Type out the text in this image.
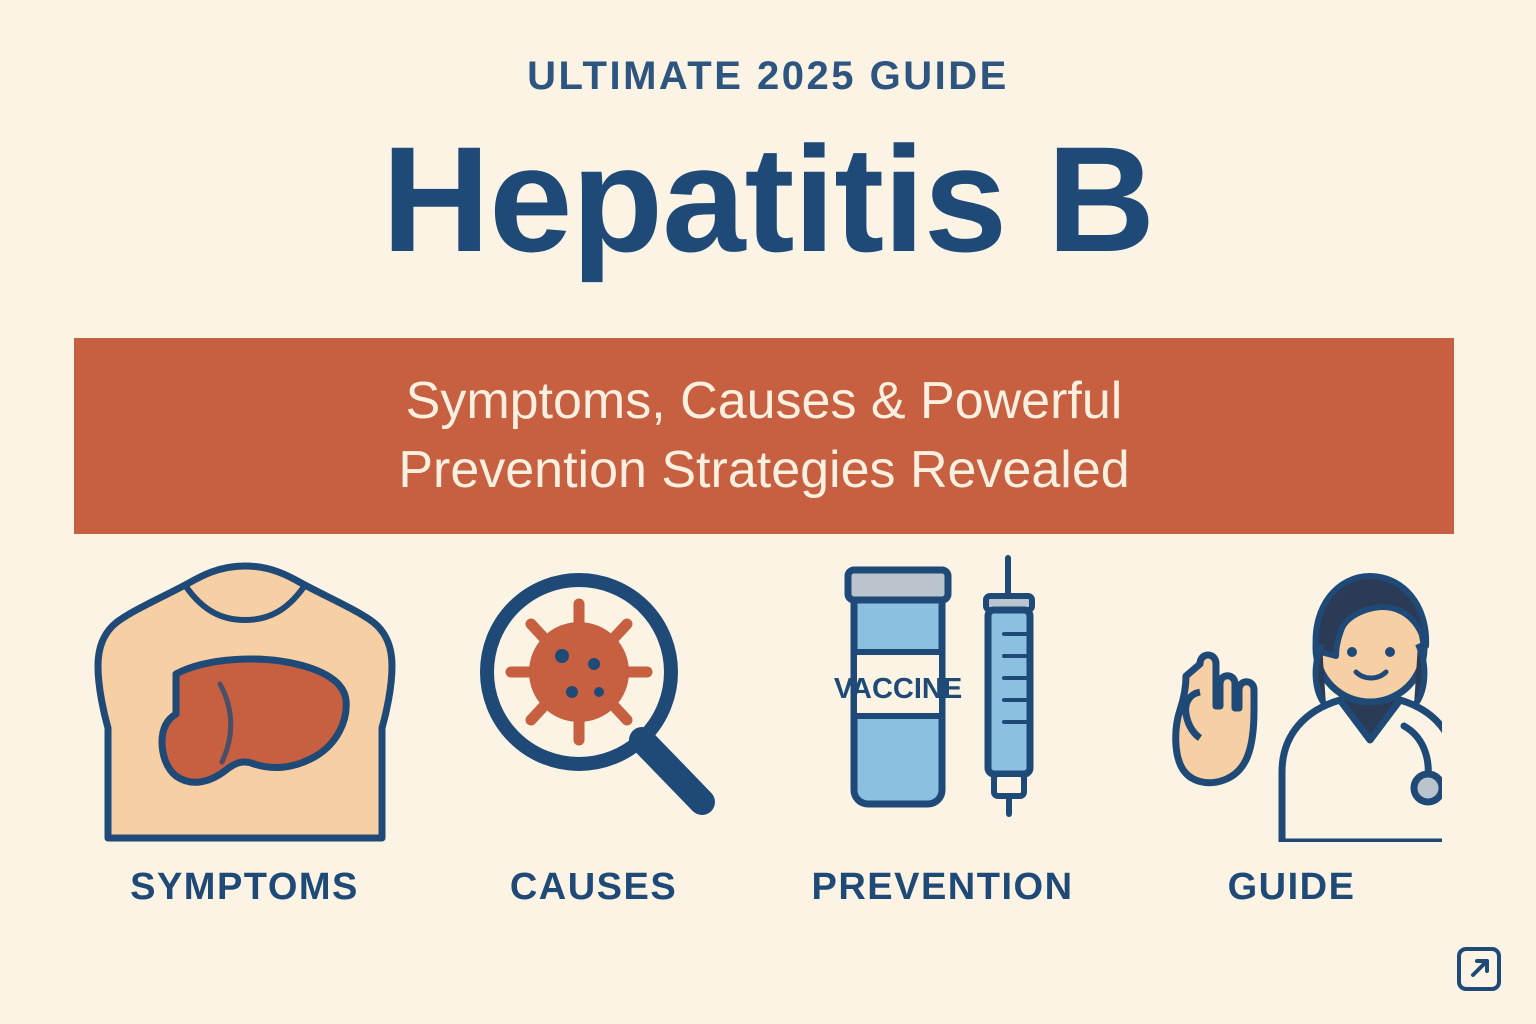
ULTIMATE 2025 GUIDE
Hepatitis B
Symptoms, Causes & Powerful
Prevention Strategies Revealed
SYMPTOMS	CAUSES
VACCINE
PREVENTION	GUIDE
